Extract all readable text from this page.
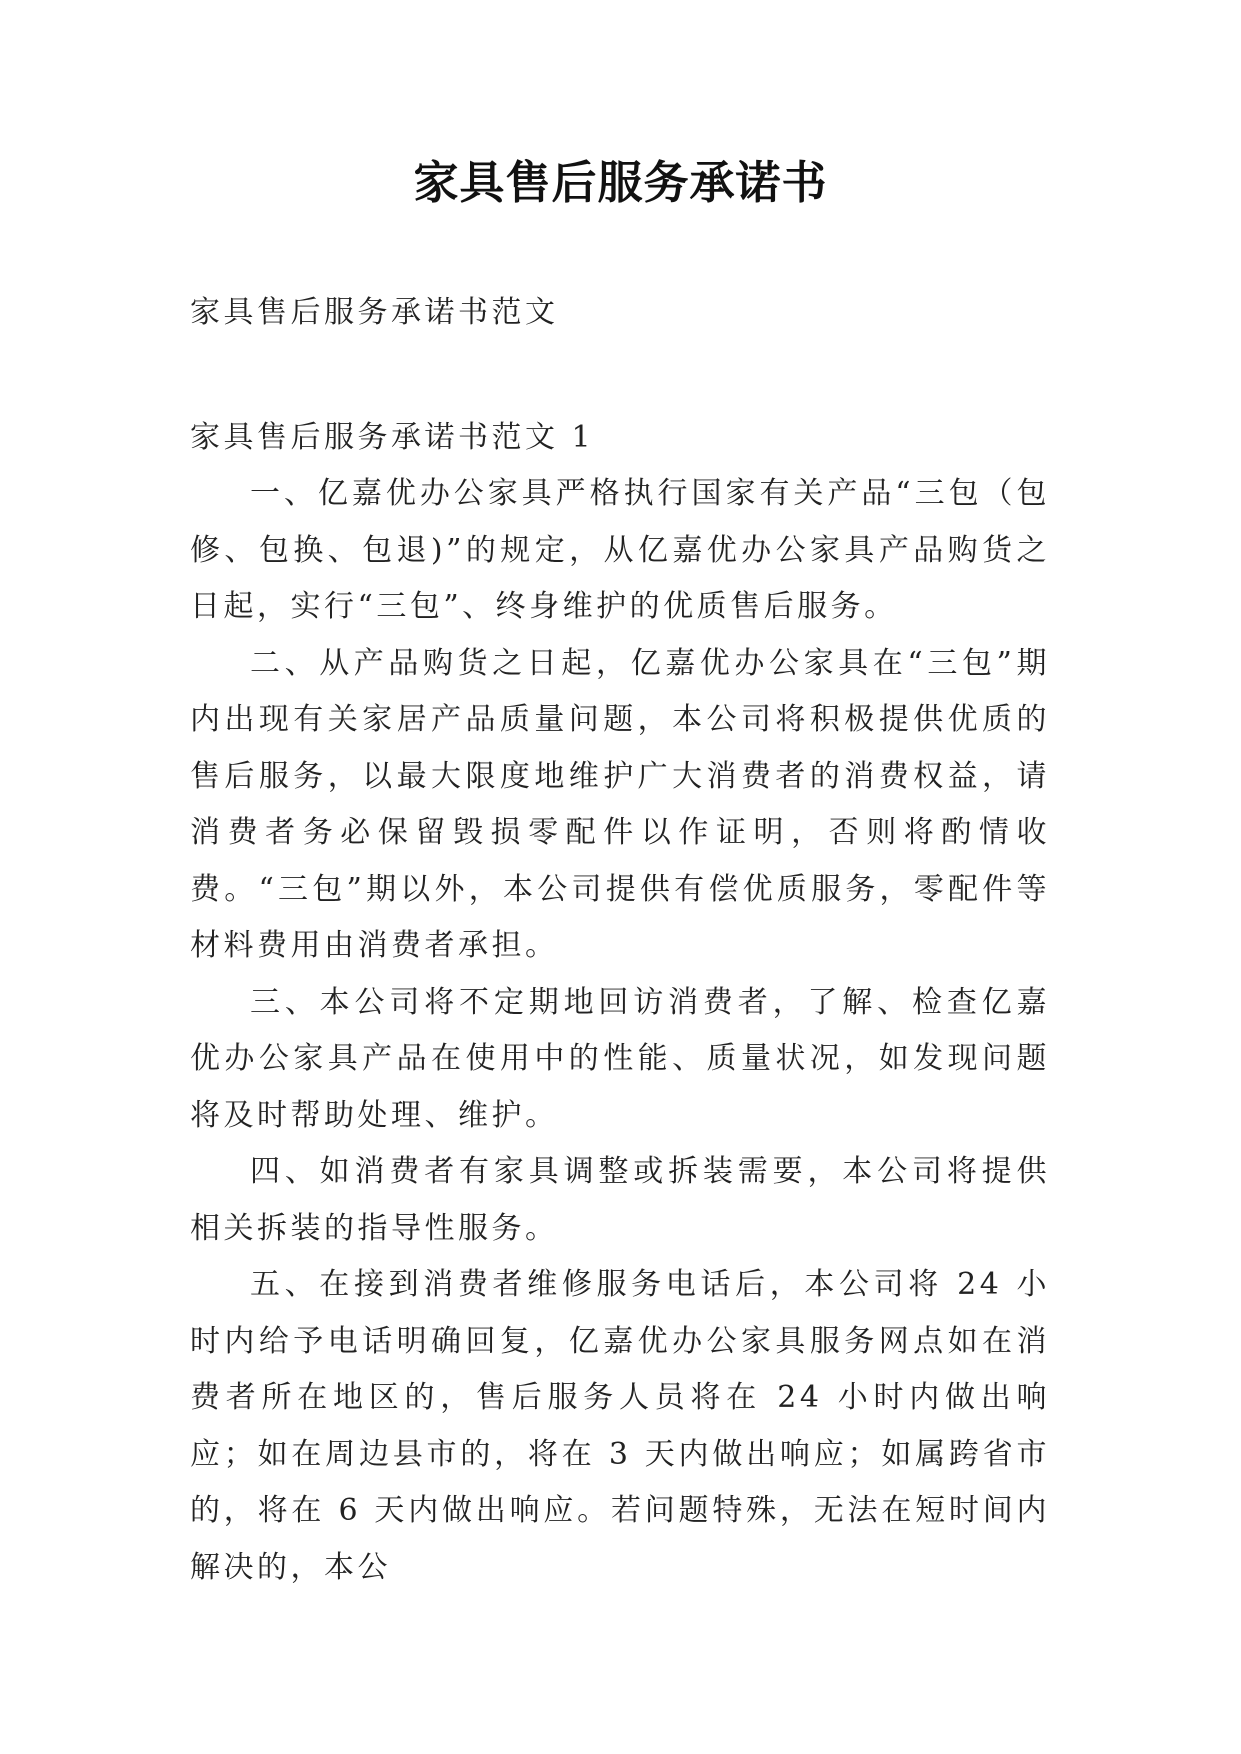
家具售后服务承诺书
家具售后服务承诺书范文
家具售后服务承诺书范文 1

一、亿嘉优办公家具严格执行国家有关产品“三包（包修、包换、包退)”的规定，从亿嘉优办公家具产品购货之日起，实行“三包”、终身维护的优质售后服务。

二、从产品购货之日起，亿嘉优办公家具在“三包”期内出现有关家居产品质量问题，本公司将积极提供优质的售后服务，以最大限度地维护广大消费者的消费权益，请消费者务必保留毁损零配件以作证明，否则将酌情收费。“三包”期以外，本公司提供有偿优质服务，零配件等材料费用由消费者承担。

三、本公司将不定期地回访消费者，了解、检查亿嘉优办公家具产品在使用中的性能、质量状况，如发现问题将及时帮助处理、维护。

四、如消费者有家具调整或拆装需要，本公司将提供相关拆装的指导性服务。

五、在接到消费者维修服务电话后，本公司将 24 小时内给予电话明确回复，亿嘉优办公家具服务网点如在消费者所在地区的，售后服务人员将在 24 小时内做出响应；如在周边县市的，将在 3 天内做出响应；如属跨省市的，将在 6 天内做出响应。若问题特殊，无法在短时间内解决的，本公
